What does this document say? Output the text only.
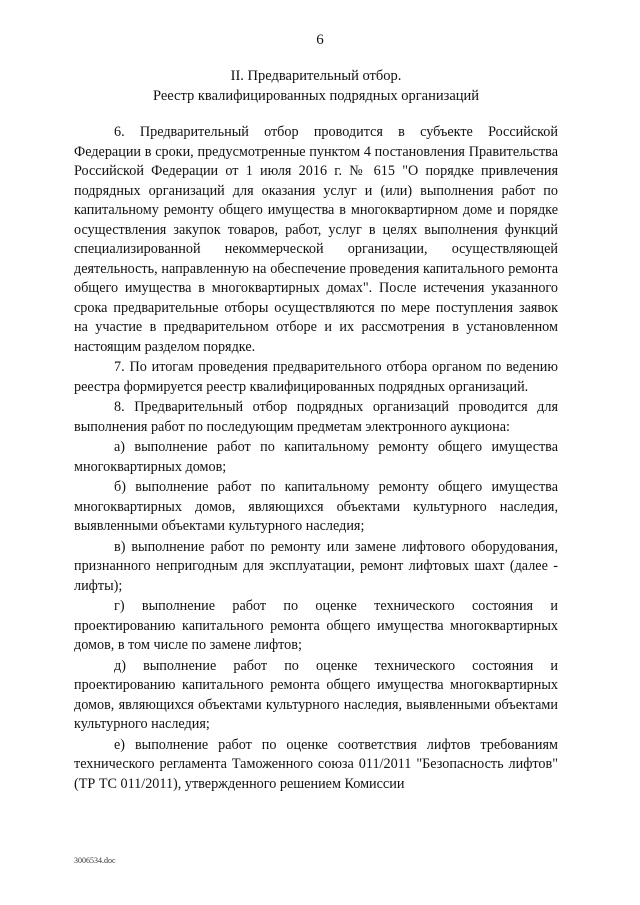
6
II. Предварительный отбор.
Реестр квалифицированных подрядных организаций

6. Предварительный отбор проводится в субъекте Российской Федерации в сроки, предусмотренные пунктом 4 постановления Правительства Российской Федерации от 1 июля 2016 г. № 615 "О порядке привлечения подрядных организаций для оказания услуг и (или) выполнения работ по капитальному ремонту общего имущества в многоквартирном доме и порядке осуществления закупок товаров, работ, услуг в целях выполнения функций специализированной некоммерческой организации, осуществляющей деятельность, направленную на обеспечение проведения капитального ремонта общего имущества в многоквартирных домах". После истечения указанного срока предварительные отборы осуществляются по мере поступления заявок на участие в предварительном отборе и их рассмотрения в установленном настоящим разделом порядке.

7. По итогам проведения предварительного отбора органом по ведению реестра формируется реестр квалифицированных подрядных организаций.

8. Предварительный отбор подрядных организаций проводится для выполнения работ по последующим предметам электронного аукциона:

а) выполнение работ по капитальному ремонту общего имущества многоквартирных домов;

б) выполнение работ по капитальному ремонту общего имущества многоквартирных домов, являющихся объектами культурного наследия, выявленными объектами культурного наследия;

в) выполнение работ по ремонту или замене лифтового оборудования, признанного непригодным для эксплуатации, ремонт лифтовых шахт (далее - лифты);

г) выполнение работ по оценке технического состояния и проектированию капитального ремонта общего имущества многоквартирных домов, в том числе по замене лифтов;

д) выполнение работ по оценке технического состояния и проектированию капитального ремонта общего имущества многоквартирных домов, являющихся объектами культурного наследия, выявленными объектами культурного наследия;

е) выполнение работ по оценке соответствия лифтов требованиям технического регламента Таможенного союза 011/2011 "Безопасность лифтов" (ТР ТС 011/2011), утвержденного решением Комиссии

3006534.doc
